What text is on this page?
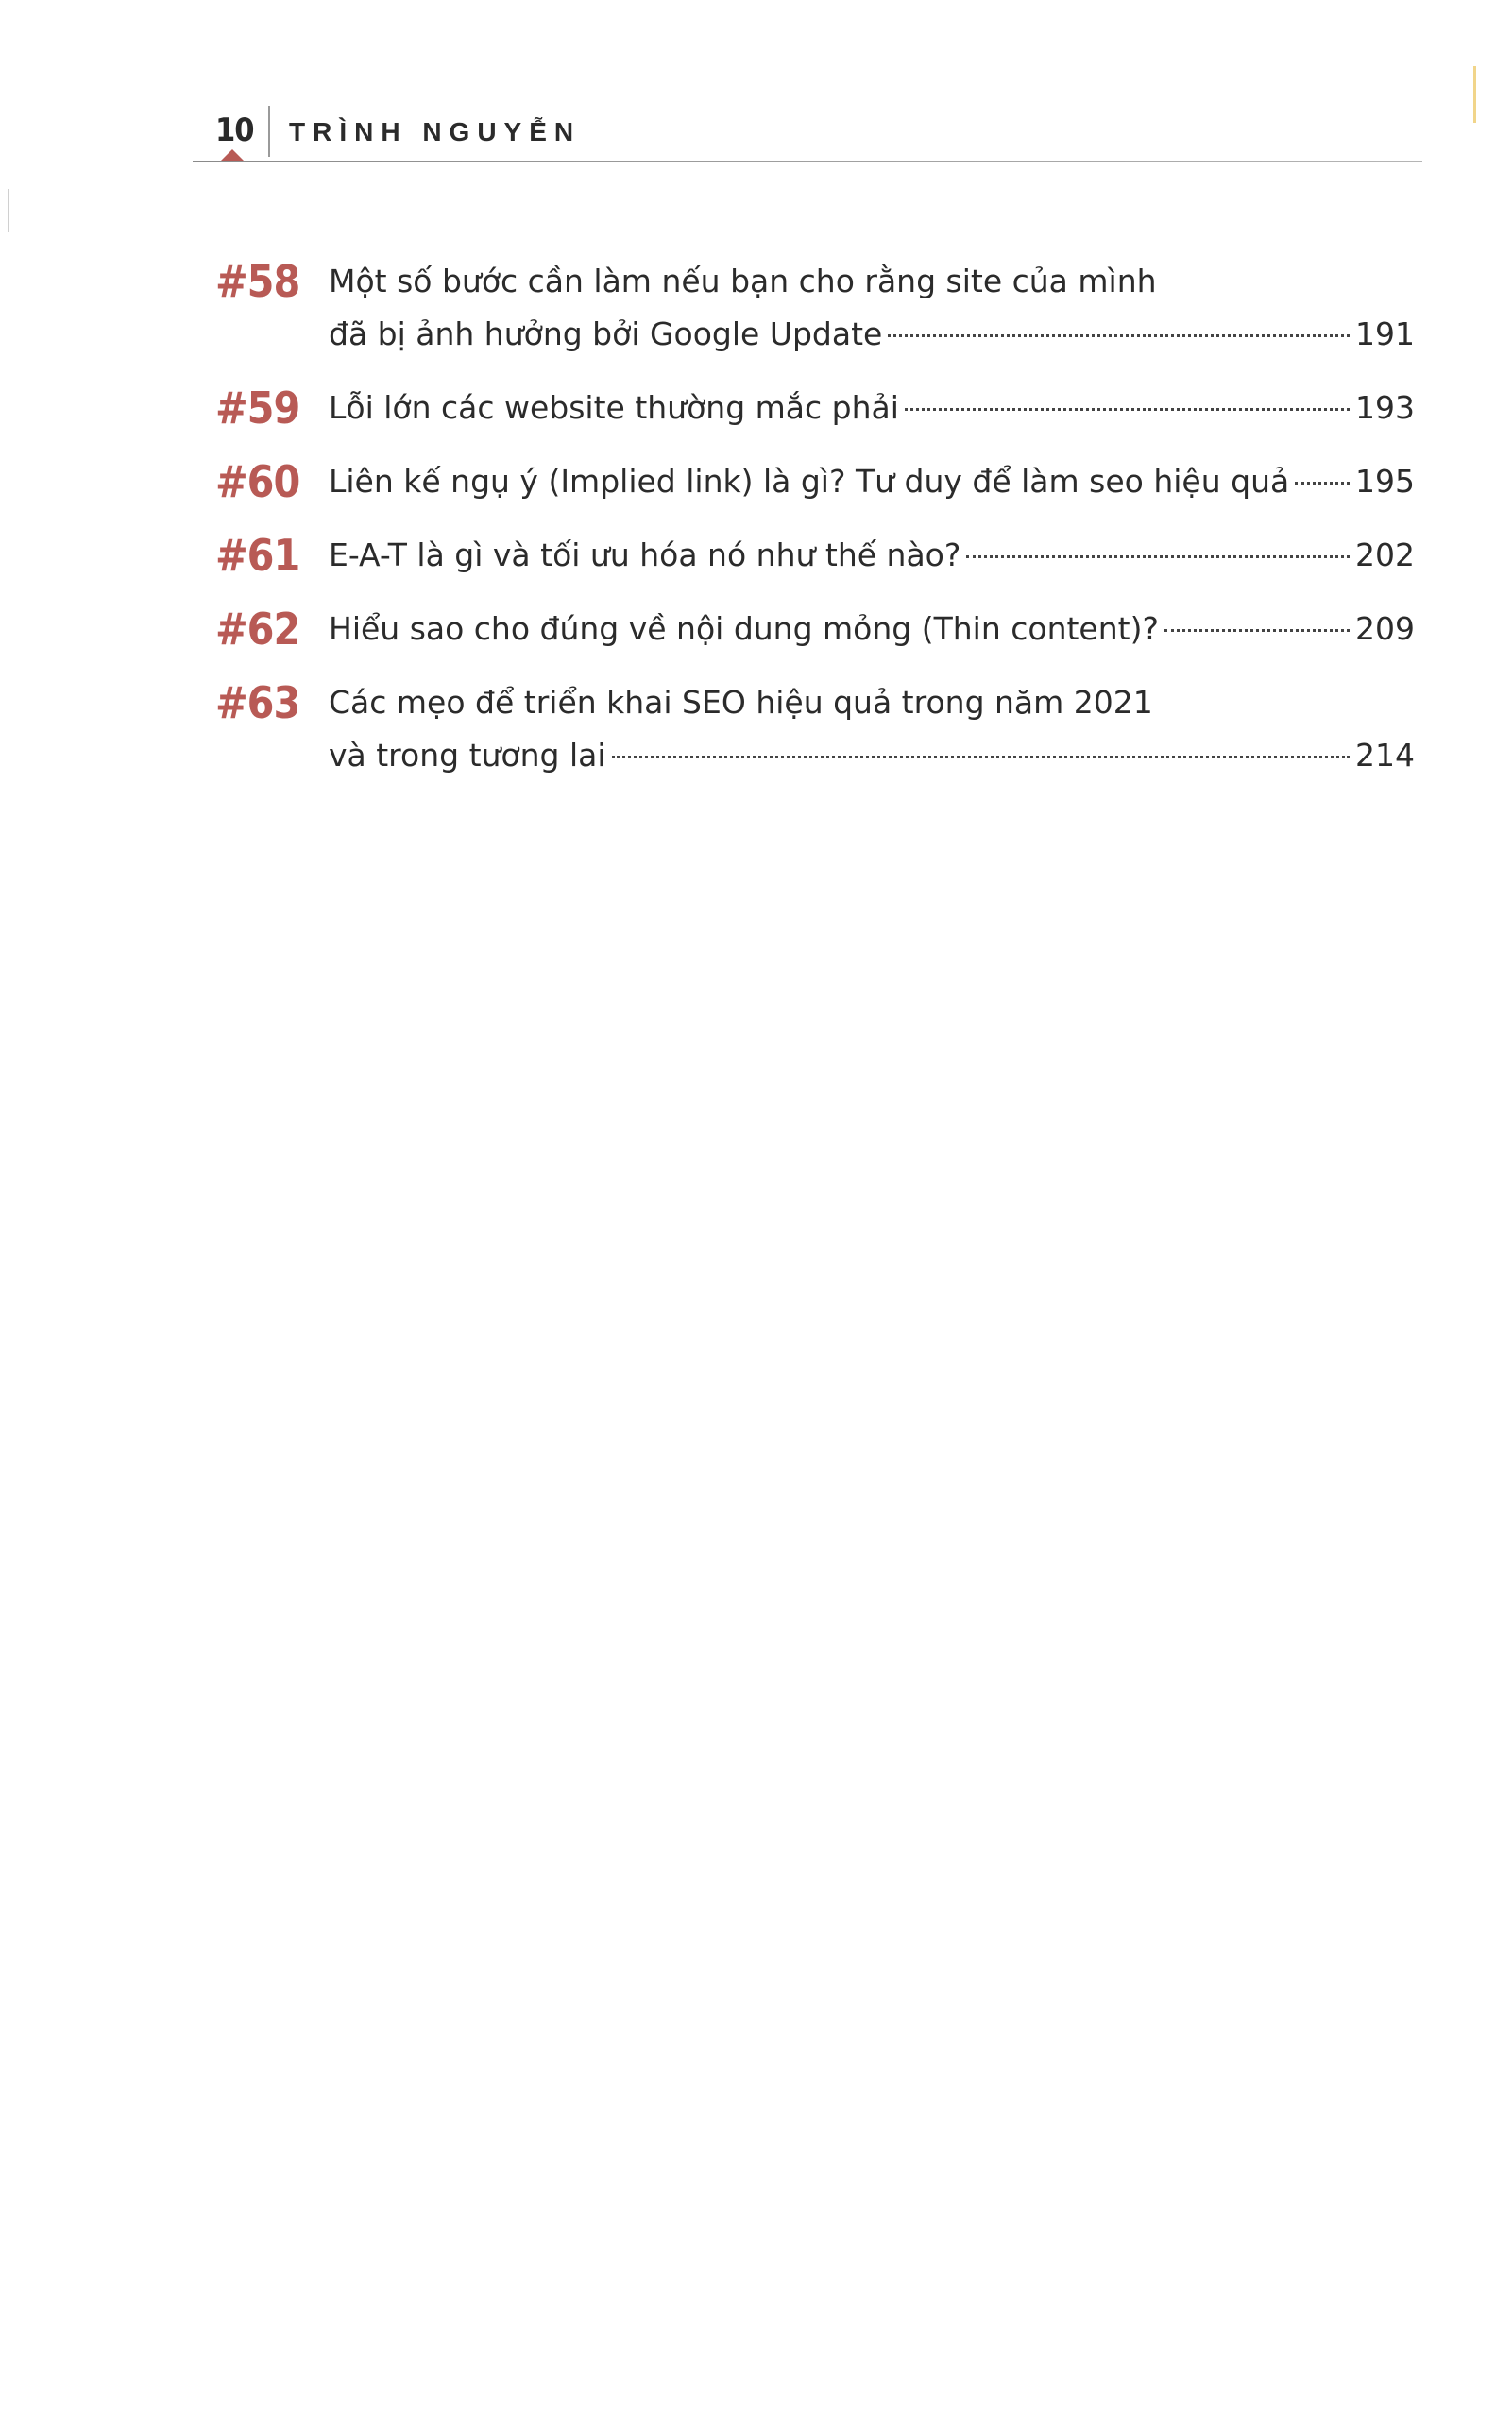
10 TRÌNH NGUYỄN
#58 Một số bước cần làm nếu bạn cho rằng site của mình
đã bị ảnh hưởng bởi Google Update	191
#59 Lỗi lớn các website thường mắc phải	193
#60 Liên kế ngụ ý (Implied link) là gì? Tư duy để làm seo hiệu quả 195
#61 E-A-T là gì và tối ưu hóa nó như thế nào?	202
#62 Hiểu sao cho đúng về nội dung mỏng (Thin content)?	209
#63 Các mẹo để triển khai SEO hiệu quả trong năm 2021
và trong tương lai	214
